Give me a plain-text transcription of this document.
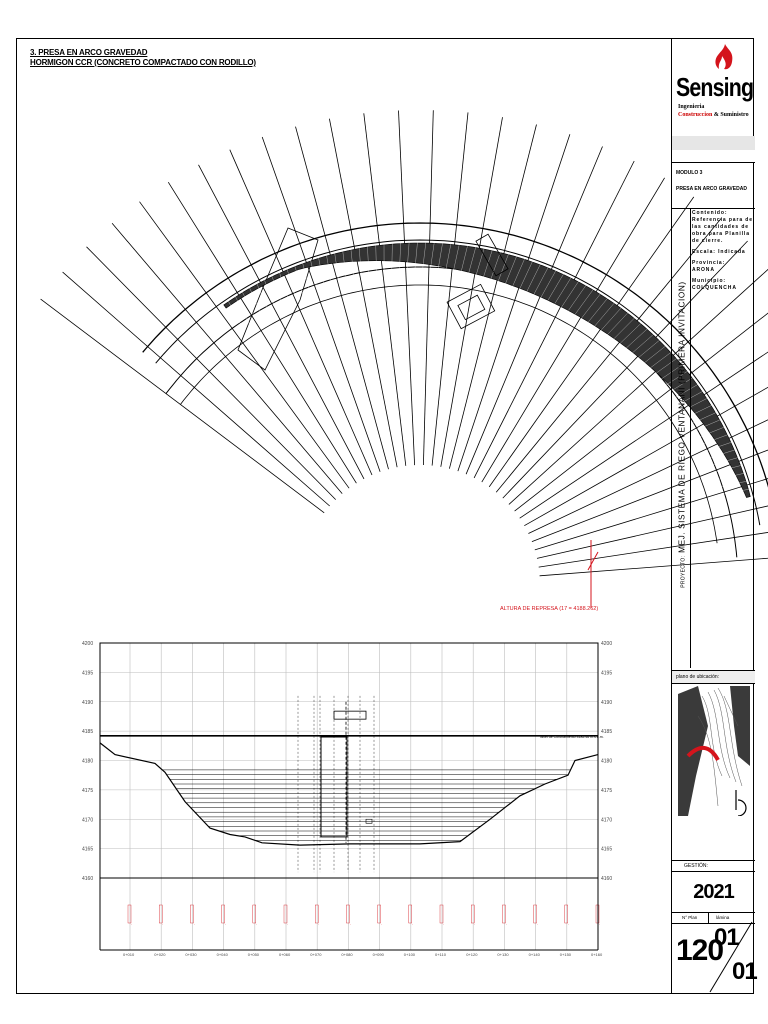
3. PRESA EN ARCO GRAVEDAD
HORMIGON CCR (CONCRETO COMPACTADO CON RODILLO)
ALTURA DE REPRESA (17 = 4188.262)
4200	4200
4195	4195
4190	4190
4185	4185
4180	4180
4175	4175
4170	4170
4165	4165
4160	4160
0+010
.
0+020
.
0+030
.
0+040
.
0+050
.
0+060
.
0+070
.
0+080
.
0+090
.
0+100
.
0+110
.
0+120
.
0+130
.
0+140
.
0+150
.
0+160
.
Nivel de Coronamiento 4185.46 m.s.n.m.
Sensing
Ingenieria
Construccion & Suministro
MODULO 3
PRESA EN ARCO GRAVEDAD
PROYECTO: MEJ. SISTEMA DE RIEGO VENTANANI (PRIMERA INVITACION)
Contenido:
Referencia para de las cantidades de obra para Planilla de cierre.
Escala: Indicada
Provincia:
ARONA
Municipio:
COLQUENCHA
plano de ubicación:
GESTIÓN:
2021
N° Plan	lámina
120
01
01
